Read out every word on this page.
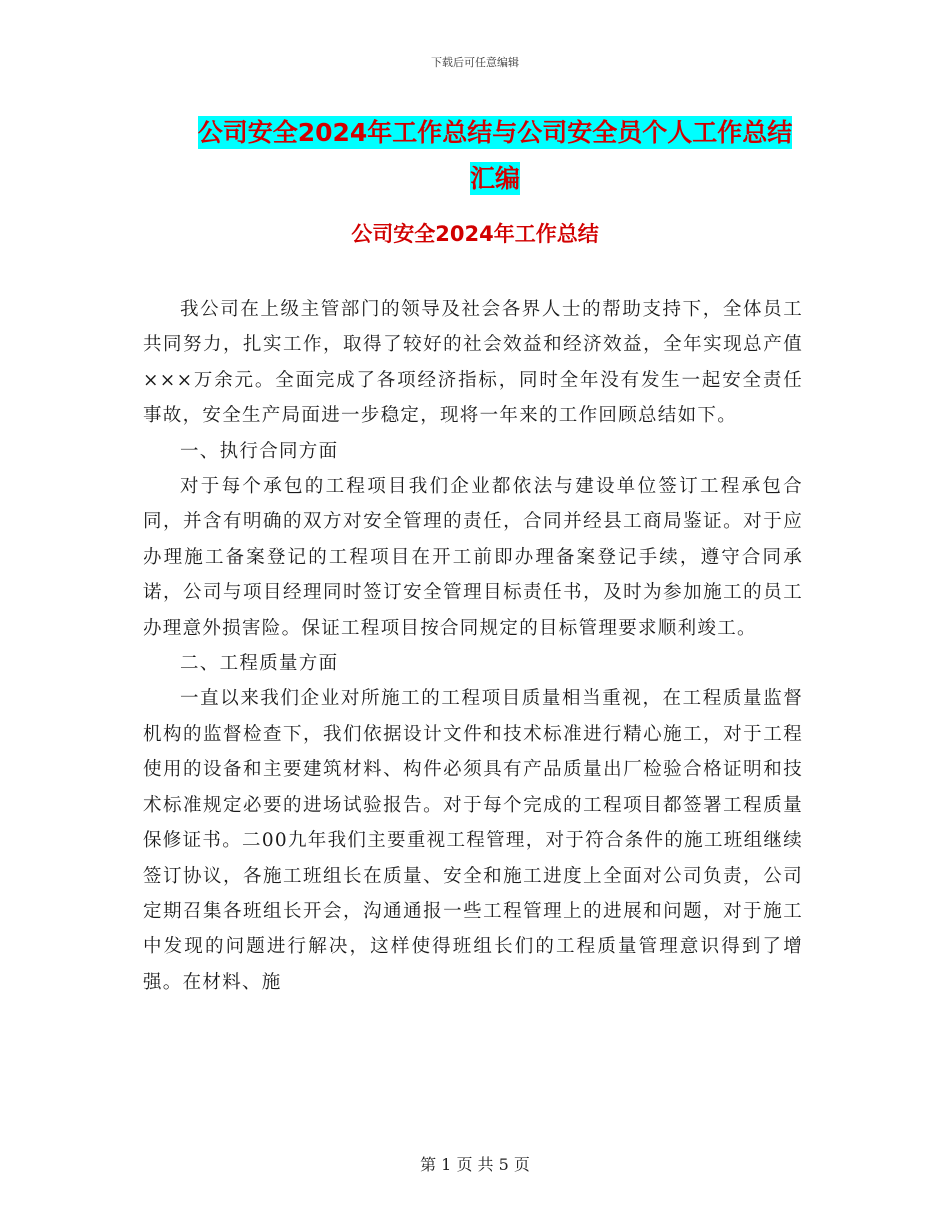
下载后可任意编辑
公司安全2024年工作总结与公司安全员个人工作总结
汇编
公司安全2024年工作总结

我公司在上级主管部门的领导及社会各界人士的帮助支持下，全体员工共同努力，扎实工作，取得了较好的社会效益和经济效益，全年实现总产值×××万余元。全面完成了各项经济指标，同时全年没有发生一起安全责任事故，安全生产局面进一步稳定，现将一年来的工作回顾总结如下。

一、执行合同方面

对于每个承包的工程项目我们企业都依法与建设单位签订工程承包合同，并含有明确的双方对安全管理的责任，合同并经县工商局鉴证。对于应办理施工备案登记的工程项目在开工前即办理备案登记手续，遵守合同承诺，公司与项目经理同时签订安全管理目标责任书，及时为参加施工的员工办理意外损害险。保证工程项目按合同规定的目标管理要求顺利竣工。

二、工程质量方面

一直以来我们企业对所施工的工程项目质量相当重视，在工程质量监督机构的监督检查下，我们依据设计文件和技术标准进行精心施工，对于工程使用的设备和主要建筑材料、构件必须具有产品质量出厂检验合格证明和技术标准规定必要的进场试验报告。对于每个完成的工程项目都签署工程质量保修证书。二00九年我们主要重视工程管理，对于符合条件的施工班组继续签订协议，各施工班组长在质量、安全和施工进度上全面对公司负责，公司定期召集各班组长开会，沟通通报一些工程管理上的进展和问题，对于施工中发现的问题进行解决，这样使得班组长们的工程质量管理意识得到了增强。在材料、施

第 1 页 共 5 页
